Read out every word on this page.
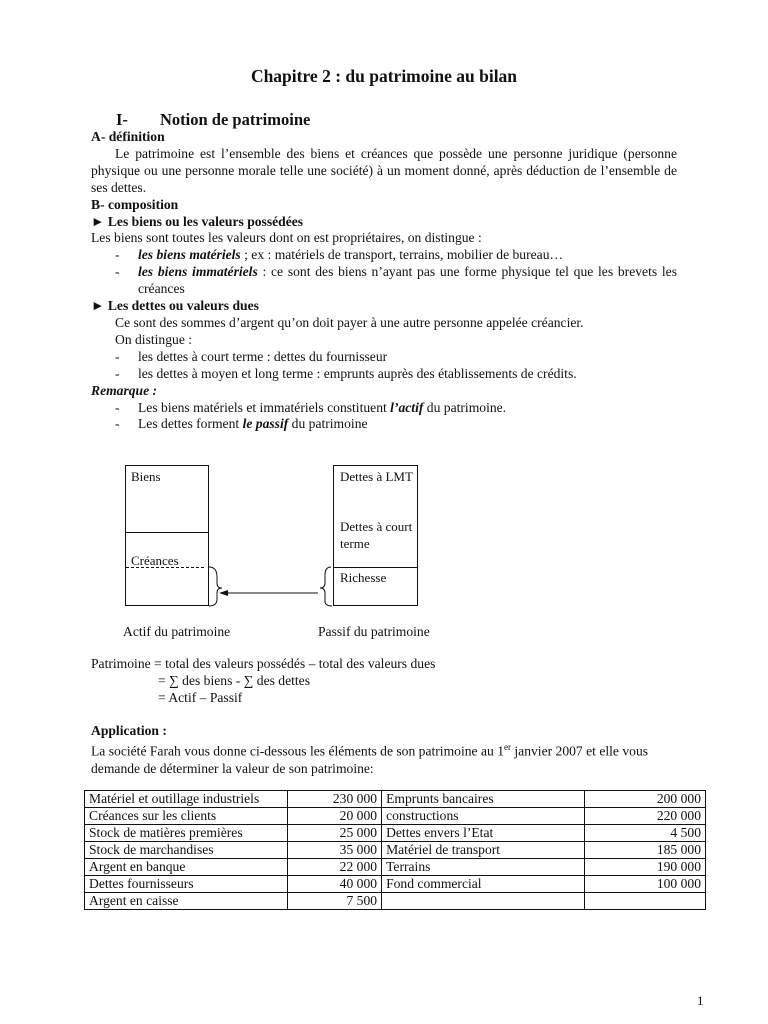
Chapitre 2 : du patrimoine au bilan
I- Notion de patrimoine
A- définition
Le patrimoine est l’ensemble des biens et créances que possède une personne juridique (personne physique ou une personne morale telle une société) à un moment donné, après déduction de l’ensemble de ses dettes.
B- composition
► Les biens ou les valeurs possédées
Les biens sont toutes les valeurs dont on est propriétaires, on distingue :
-	les biens matériels ; ex : matériels de transport, terrains, mobilier de bureau…
-	les biens immatériels : ce sont des biens n’ayant pas une forme physique tel que les brevets les créances
► Les dettes ou valeurs dues
Ce sont des sommes d’argent qu’on doit payer à une autre personne appelée créancier.
On distingue :
-	les dettes à court terme : dettes du fournisseur
-	les dettes à moyen et long terme : emprunts auprès des établissements de crédits.
Remarque :
-	Les biens matériels et immatériels constituent l’actif du patrimoine.
-	Les dettes forment le passif du patrimoine
Biens
Créances
Dettes à LMT
Dettes à court terme
Richesse
Actif du patrimoine	Passif du patrimoine
Patrimoine = total des valeurs possédés – total des valeurs dues
= ∑ des biens - ∑ des dettes
= Actif – Passif
Application :
La société Farah vous donne ci-dessous les éléments de son patrimoine au 1er janvier 2007 et elle vous demande de déterminer la valeur de son patrimoine:
Matériel et outillage industriels	230 000	Emprunts bancaires	200 000
Créances sur les clients	20 000	constructions	220 000
Stock de matières premières	25 000	Dettes envers l’Etat	4 500
Stock de marchandises	35 000	Matériel de transport	185 000
Argent en banque	22 000	Terrains	190 000
Dettes fournisseurs	40 000	Fond commercial	100 000
Argent en caisse	7 500		
1
